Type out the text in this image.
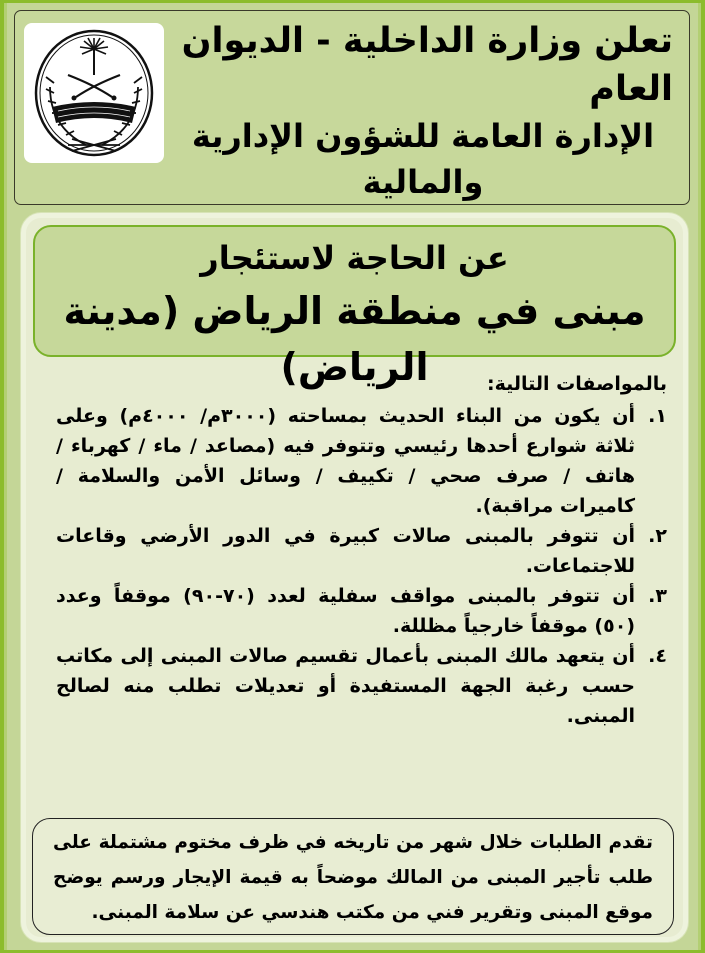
تعلن وزارة الداخلية - الديوان العام
الإدارة العامة للشؤون الإدارية والمالية
عن الحاجة لاستئجار
مبنى في منطقة الرياض (مدينة الرياض)	بالمواصفات التالية:
١.
أن يكون من البناء الحديث بمساحته (٣٠٠٠م/ ٤٠٠٠م) وعلى ثلاثة شوارع أحدها رئيسي وتتوفر فيه (مصاعد / ماء / كهرباء / هاتف / صرف صحي / تكييف / وسائل الأمن والسلامة / كاميرات مراقبة).
٢.
أن تتوفر بالمبنى صالات كبيرة في الدور الأرضي وقاعات للاجتماعات.
٣.
أن تتوفر بالمبنى مواقف سفلية لعدد (٧٠-٩٠) موقفاً وعدد (٥٠) موقفاً خارجياً مظللة.
٤.
أن يتعهد مالك المبنى بأعمال تقسيم صالات المبنى إلى مكاتب حسب رغبة الجهة المستفيدة أو تعديلات تطلب منه لصالح المبنى.
تقدم الطلبات خلال شهر من تاريخه في ظرف مختوم مشتملة على طلب تأجير المبنى من المالك موضحاً به قيمة الإيجار ورسم يوضح موقع المبنى وتقرير فني من مكتب هندسي عن سلامة المبنى.
